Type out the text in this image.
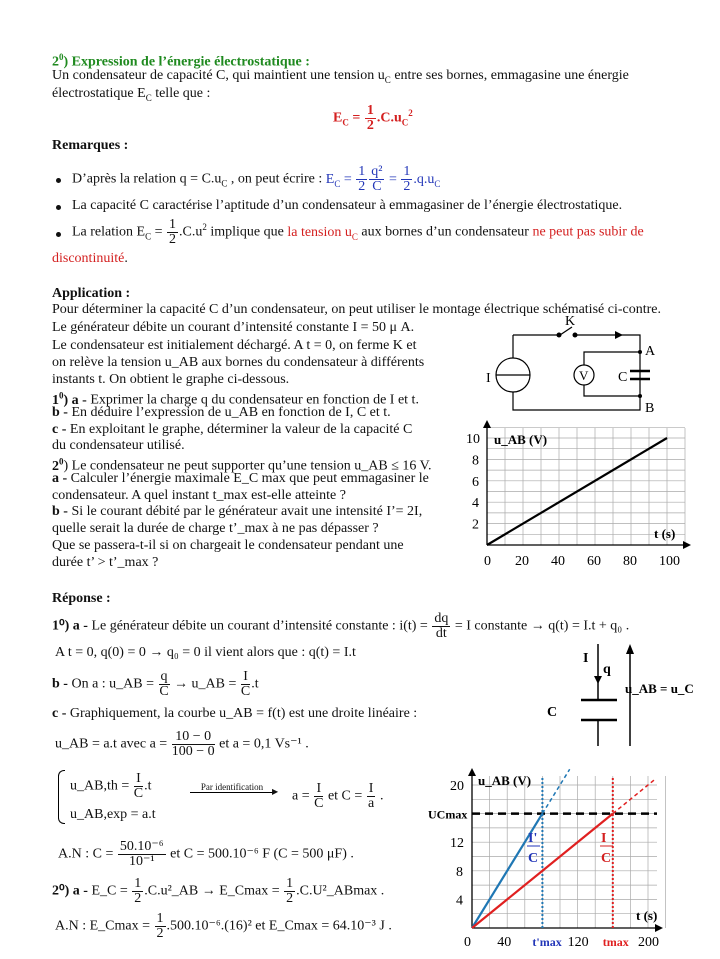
$2^0$) Expression de l’énergie électrostatique :
Un condensateur de capacité C, qui maintient une tension $u_C$ entre ses bornes, emmagasine une énergie
électrostatique $E_C$ telle que :
$E_C = \frac{1}{2} .C.u_C^2$
Remarques :
D’après la relation $q = C.u_C$ , on peut écrire : $E_C = \frac{1}{2} \frac{\text{q²}}{C} = \frac{1}{2} .q.u_C$
La capacité C caractérise l’aptitude d’un condensateur à emmagasiner de l’énergie électrostatique.
La relation $E_C = \frac{1}{2} .C.u^2$ implique que la tension $u_C$ aux bornes d’un condensateur ne peut pas subir de
discontinuité.
Application :
Pour déterminer la capacité C d’un condensateur, on peut utiliser le montage électrique schématisé ci-contre.
Le générateur débite un courant d’intensité constante I = 50 μ A.
Le condensateur est initialement déchargé. A t = 0, on ferme K et
on relève la tension u_AB aux bornes du condensateur à différents
instants t. On obtient le graphe ci-dessous.
$1^0$) a - Exprimer la charge q du condensateur en fonction de I et t.
b - En déduire l’expression de u_AB en fonction de I, C et t.
c - En exploitant le graphe, déterminer la valeur de la capacité C
du condensateur utilisé.
$2^0$) Le condensateur ne peut supporter qu’une tension u_AB ≤ 16 V.
a - Calculer l’énergie maximale E_C max que peut emmagasiner le
condensateur. A quel instant t_max est-elle atteinte ?
b - Si le courant débité par le générateur avait une intensité I’= 2I,
quelle serait la durée de charge t’_max à ne pas dépasser ?
Que se passera-t-il si on chargeait le condensateur pendant une
durée t’ > t’_max ?
K
I	V C
A
B
0 20 40 60 80 100
2
4
6
8
10 u_AB (V)
t (s)
Réponse :
1⁰) a - Le générateur débite un courant d’intensité constante : $i(t) = \frac{dq}{dt} = I$ constante → q(t) = I.t + q₀ .
A t = 0, q(0) = 0 → q₀ = 0 il vient alors que : q(t) = I.t
b - On a : u_AB = $\frac{q}{C}$ → u_AB = $\frac{I}{C} .t$
c - Graphiquement, la courbe u_AB = f(t) est une droite linéaire :
u_AB = a.t avec $a = \frac{10 - 0}{100 - 0}$ et a = 0,1 Vs⁻¹ .
u_AB,th = $\frac{I}{C} .t$
u_AB,exp = a.t
Par identification	▶ $a = \frac{I}{C}$ et $C = \frac{I}{a}$ .
A.N : $C = \frac{\text{50.10⁻⁶}}{\text{10⁻¹}}$ et C = 500.10⁻⁶ F (C = 500 μF) .
2⁰) a - E_C = $\frac{1}{2}$ .C.u²_AB → E_Cmax = $\frac{1}{2}$ .C.U²_ABmax .
A.N : E_Cmax = $\frac{1}{2} .500.10^{-6}.(16)^2$ et E_Cmax = 64.10⁻³ J .
I
q
C
u_AB = u_C
0 40 t'max 120 tmax 200
4
8
12
UCmax
20 u_AB (V)
t (s)
I'
C
I
C
